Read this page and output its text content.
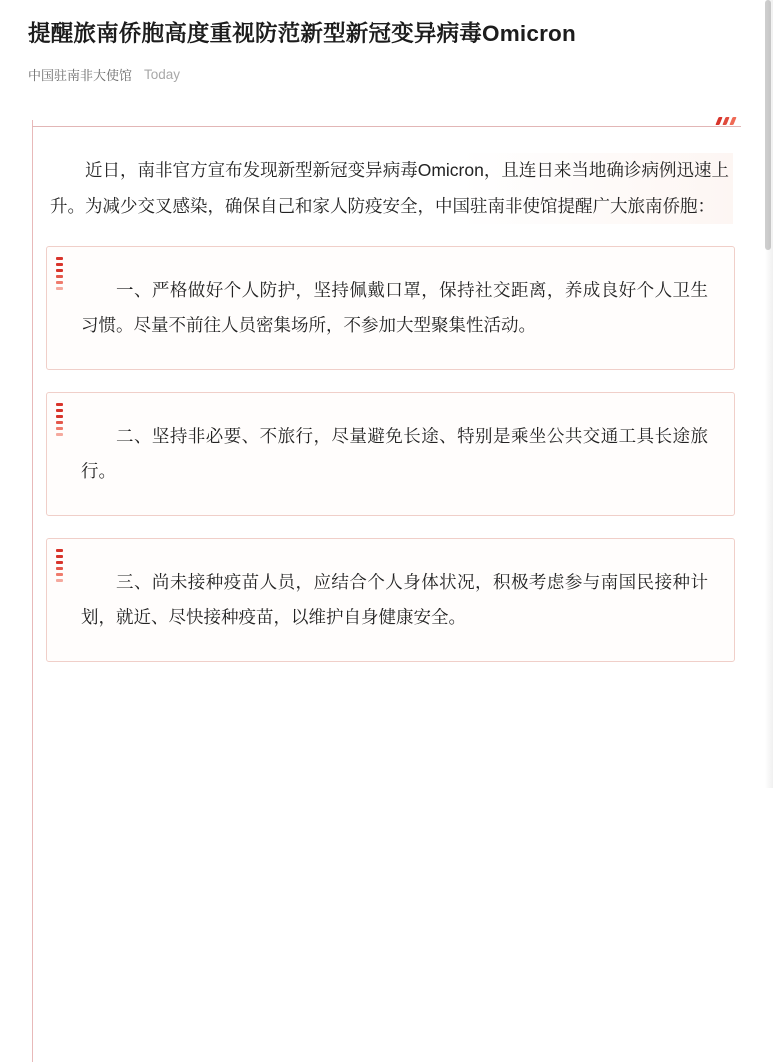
提醒旅南侨胞高度重视防范新型新冠变异病毒Omicron
中国驻南非大使馆 Today

近日，南非官方宣布发现新型新冠变异病毒Omicron，且连日来当地确诊病例迅速上升。为减少交叉感染，确保自己和家人防疫安全，中国驻南非使馆提醒广大旅南侨胞：

一、严格做好个人防护，坚持佩戴口罩，保持社交距离，养成良好个人卫生习惯。尽量不前往人员密集场所，不参加大型聚集性活动。

二、坚持非必要、不旅行，尽量避免长途、特别是乘坐公共交通工具长途旅行。

三、尚未接种疫苗人员，应结合个人身体状况，积极考虑参与南国民接种计划，就近、尽快接种疫苗，以维护自身健康安全。
